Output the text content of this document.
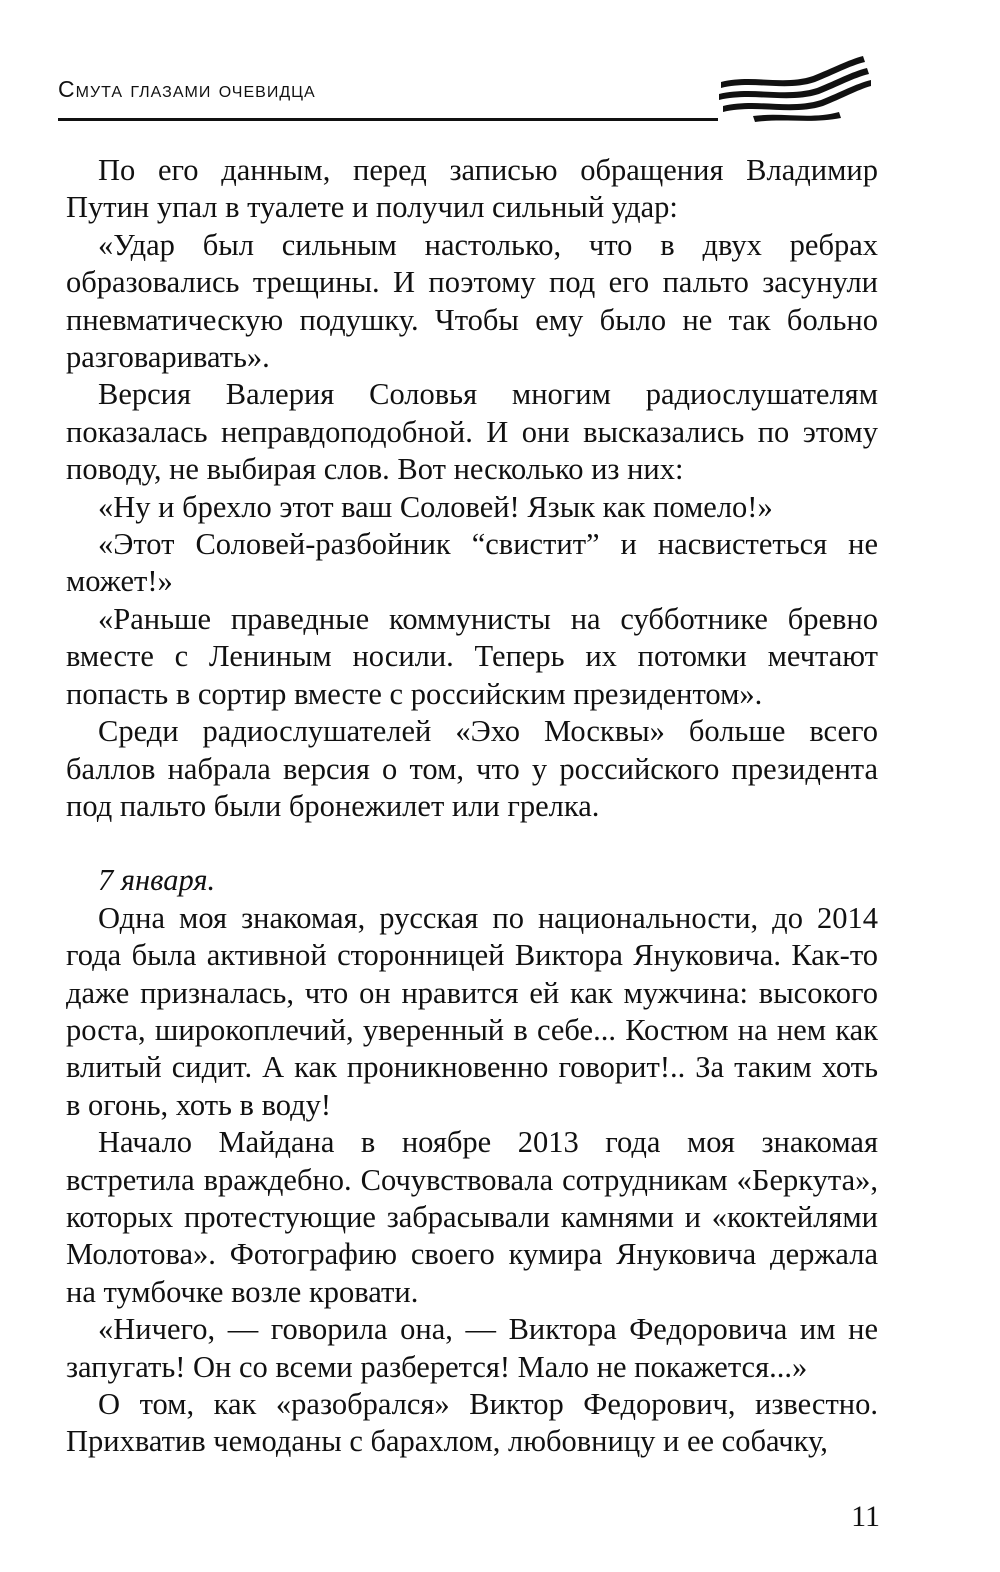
Смута глазами очевидца

По его данным, перед записью обращения Владимир Путин упал в туалете и получил сильный удар:

«Удар был сильным настолько, что в двух ребрах образовались трещины. И поэтому под его пальто засунули пневматическую подушку. Чтобы ему было не так больно разговаривать».

Версия Валерия Соловья многим радиослушателям показалась неправдоподобной. И они высказались по этому поводу, не выбирая слов. Вот несколько из них:

«Ну и брехло этот ваш Соловей! Язык как помело!»

«Этот Соловей-разбойник “свистит” и насвистеться не может!»

«Раньше праведные коммунисты на субботнике бревно вместе с Лениным носили. Теперь их потомки мечтают попасть в сортир вместе с российским президентом».

Среди радиослушателей «Эхо Москвы» больше всего баллов набрала версия о том, что у российского президента под пальто были бронежилет или грелка.

7 января.

Одна моя знакомая, русская по национальности, до 2014 года была активной сторонницей Виктора Януковича. Как-то даже призналась, что он нравится ей как мужчина: высокого роста, широкоплечий, уверенный в себе... Костюм на нем как влитый сидит. А как проникновенно говорит!.. За таким хоть в огонь, хоть в воду!

Начало Майдана в ноябре 2013 года моя знакомая встретила враждебно. Сочувствовала сотрудникам «Беркута», которых протестующие забрасывали камнями и «коктейлями Молотова». Фотографию своего кумира Януковича держала на тумбочке возле кровати.

«Ничего, — говорила она, — Виктора Федоровича им не запугать! Он со всеми разберется! Мало не покажется...»

О том, как «разобрался» Виктор Федорович, известно. Прихватив чемоданы с барахлом, любовницу и ее собачку,

11
